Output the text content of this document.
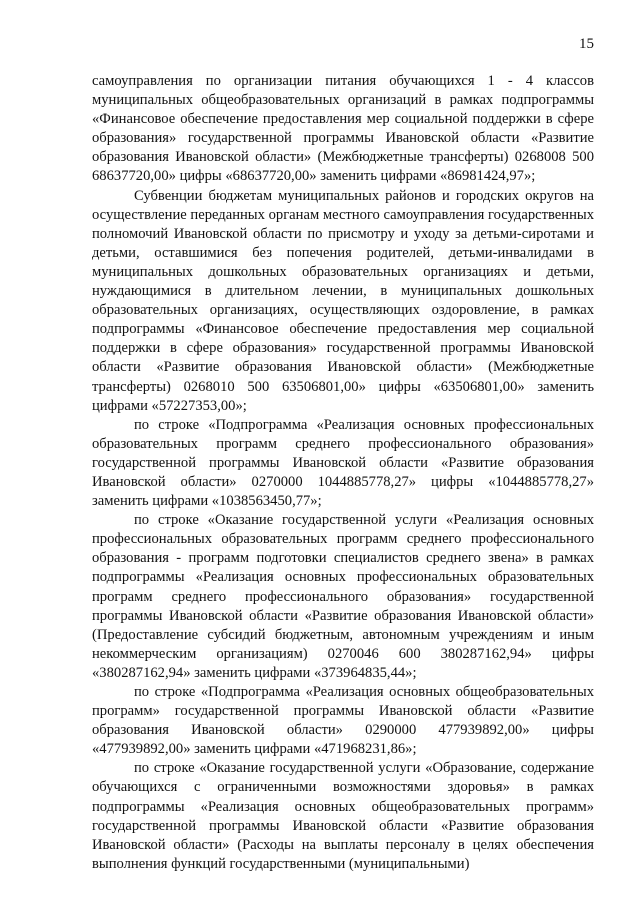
15

самоуправления по организации питания обучающихся 1 - 4 классов муниципальных общеобразовательных организаций в рамках подпрограммы «Финансовое обеспечение предоставления мер социальной поддержки в сфере образования» государственной программы Ивановской области «Развитие образования Ивановской области» (Межбюджетные трансферты) 0268008 500 68637720,00» цифры «68637720,00» заменить цифрами «86981424,97»;

Субвенции бюджетам муниципальных районов и городских округов на осуществление переданных органам местного самоуправления государственных полномочий Ивановской области по присмотру и уходу за детьми-сиротами и детьми, оставшимися без попечения родителей, детьми-инвалидами в муниципальных дошкольных образовательных организациях и детьми, нуждающимися в длительном лечении, в муниципальных дошкольных образовательных организациях, осуществляющих оздоровление, в рамках подпрограммы «Финансовое обеспечение предоставления мер социальной поддержки в сфере образования» государственной программы Ивановской области «Развитие образования Ивановской области» (Межбюджетные трансферты) 0268010 500 63506801,00» цифры «63506801,00» заменить цифрами «57227353,00»;

по строке «Подпрограмма «Реализация основных профессиональных образовательных программ среднего профессионального образования» государственной программы Ивановской области «Развитие образования Ивановской области» 0270000 1044885778,27» цифры «1044885778,27» заменить цифрами «1038563450,77»;

по строке «Оказание государственной услуги «Реализация основных профессиональных образовательных программ среднего профессионального образования - программ подготовки специалистов среднего звена» в рамках подпрограммы «Реализация основных профессиональных образовательных программ среднего профессионального образования» государственной программы Ивановской области «Развитие образования Ивановской области» (Предоставление субсидий бюджетным, автономным учреждениям и иным некоммерческим организациям) 0270046 600 380287162,94» цифры «380287162,94» заменить цифрами «373964835,44»;

по строке «Подпрограмма «Реализация основных общеобразовательных программ» государственной программы Ивановской области «Развитие образования Ивановской области» 0290000 477939892,00» цифры «477939892,00» заменить цифрами «471968231,86»;

по строке «Оказание государственной услуги «Образование, содержание обучающихся с ограниченными возможностями здоровья» в рамках подпрограммы «Реализация основных общеобразовательных программ» государственной программы Ивановской области «Развитие образования Ивановской области» (Расходы на выплаты персоналу в целях обеспечения выполнения функций государственными (муниципальными)
